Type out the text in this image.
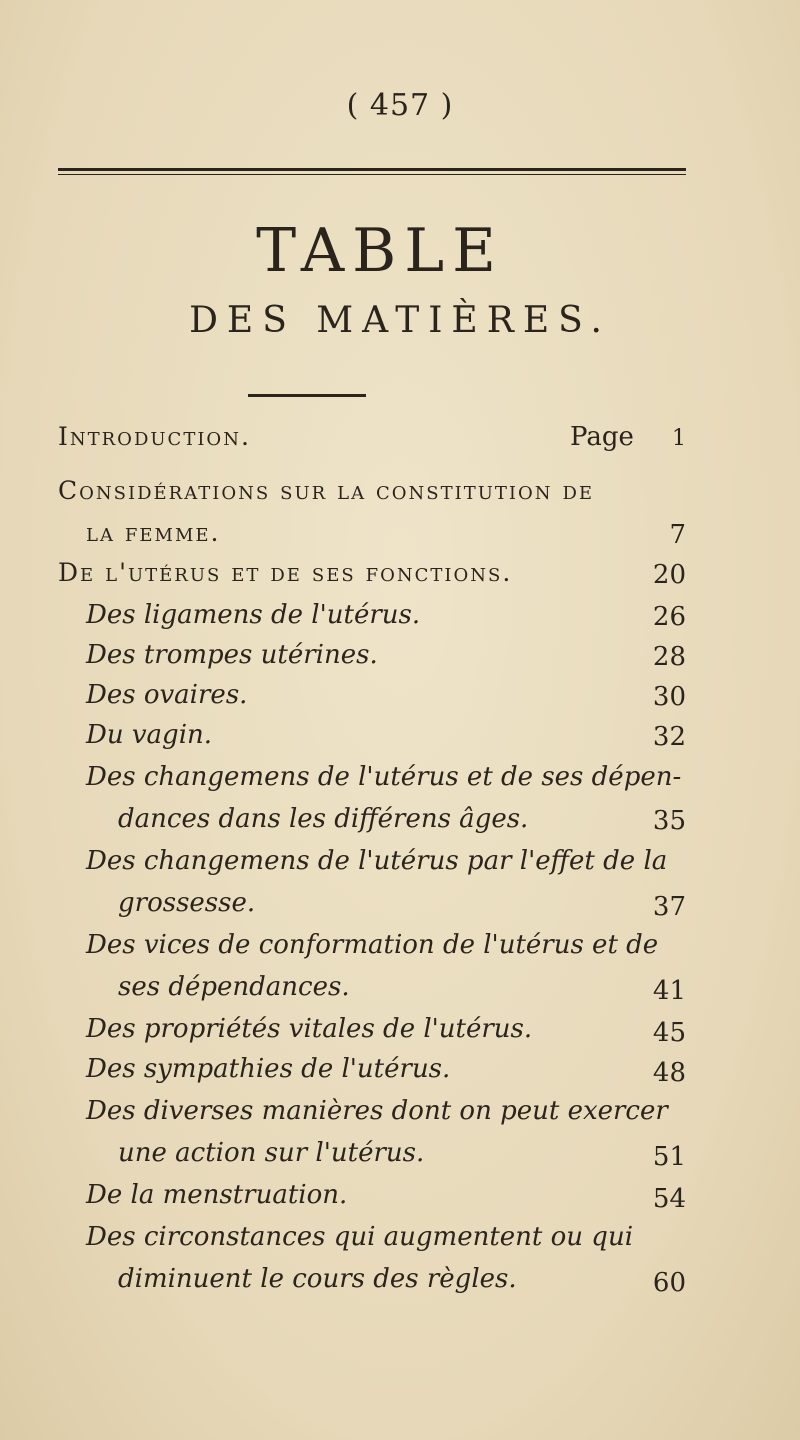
( 457 )
TABLE
DES MATIÈRES.
Introduction.	Page	1
Considérations sur la constitution de
la femme.	7
De l'utérus et de ses fonctions.	20
Des ligamens de l'utérus.	26
Des trompes utérines.	28
Des ovaires.	30
Du vagin.	32
Des changemens de l'utérus et de ses dépen-
dances dans les différens âges.	35
Des changemens de l'utérus par l'effet de la
grossesse.	37
Des vices de conformation de l'utérus et de
ses dépendances.	41
Des propriétés vitales de l'utérus.	45
Des sympathies de l'utérus.	48
Des diverses manières dont on peut exercer
une action sur l'utérus.	51
De la menstruation.	54
Des circonstances qui augmentent ou qui
diminuent le cours des règles.	60
